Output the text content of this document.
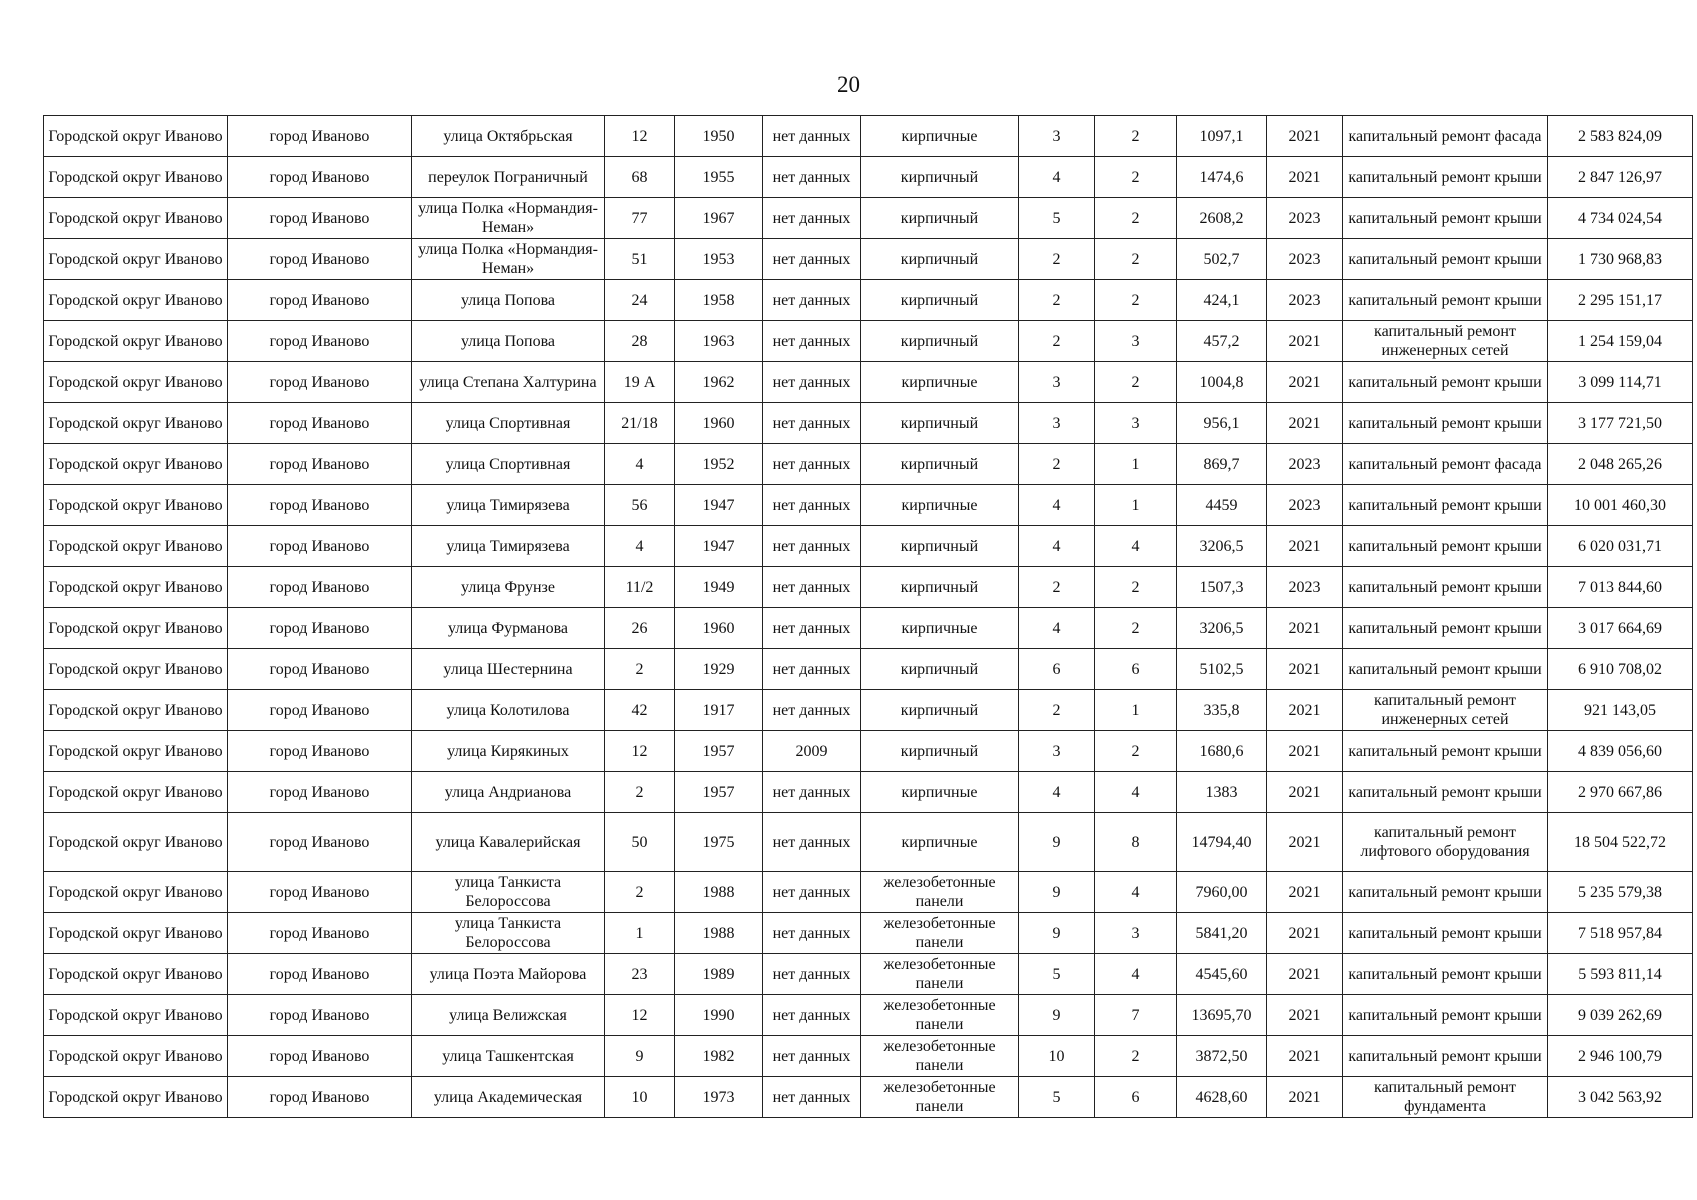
20
Городской округ Иваново	город Иваново	улица Октябрьская	12	1950	нет данных	кирпичные	3	2	1097,1	2021	капитальный ремонт фасада	2 583 824,09
Городской округ Иваново	город Иваново	переулок Пограничный	68	1955	нет данных	кирпичный	4	2	1474,6	2021	капитальный ремонт крыши	2 847 126,97
Городской округ Иваново	город Иваново	улица Полка «Нормандия-Неман»	77	1967	нет данных	кирпичный	5	2	2608,2	2023	капитальный ремонт крыши	4 734 024,54
Городской округ Иваново	город Иваново	улица Полка «Нормандия-Неман»	51	1953	нет данных	кирпичный	2	2	502,7	2023	капитальный ремонт крыши	1 730 968,83
Городской округ Иваново	город Иваново	улица Попова	24	1958	нет данных	кирпичный	2	2	424,1	2023	капитальный ремонт крыши	2 295 151,17
Городской округ Иваново	город Иваново	улица Попова	28	1963	нет данных	кирпичный	2	3	457,2	2021	капитальный ремонт инженерных сетей	1 254 159,04
Городской округ Иваново	город Иваново	улица Степана Халтурина	19 А	1962	нет данных	кирпичные	3	2	1004,8	2021	капитальный ремонт крыши	3 099 114,71
Городской округ Иваново	город Иваново	улица Спортивная	21/18	1960	нет данных	кирпичный	3	3	956,1	2021	капитальный ремонт крыши	3 177 721,50
Городской округ Иваново	город Иваново	улица Спортивная	4	1952	нет данных	кирпичный	2	1	869,7	2023	капитальный ремонт фасада	2 048 265,26
Городской округ Иваново	город Иваново	улица Тимирязева	56	1947	нет данных	кирпичные	4	1	4459	2023	капитальный ремонт крыши	10 001 460,30
Городской округ Иваново	город Иваново	улица Тимирязева	4	1947	нет данных	кирпичный	4	4	3206,5	2021	капитальный ремонт крыши	6 020 031,71
Городской округ Иваново	город Иваново	улица Фрунзе	11/2	1949	нет данных	кирпичный	2	2	1507,3	2023	капитальный ремонт крыши	7 013 844,60
Городской округ Иваново	город Иваново	улица Фурманова	26	1960	нет данных	кирпичные	4	2	3206,5	2021	капитальный ремонт крыши	3 017 664,69
Городской округ Иваново	город Иваново	улица Шестернина	2	1929	нет данных	кирпичный	6	6	5102,5	2021	капитальный ремонт крыши	6 910 708,02
Городской округ Иваново	город Иваново	улица Колотилова	42	1917	нет данных	кирпичный	2	1	335,8	2021	капитальный ремонт инженерных сетей	921 143,05
Городской округ Иваново	город Иваново	улица Кирякиных	12	1957	2009	кирпичный	3	2	1680,6	2021	капитальный ремонт крыши	4 839 056,60
Городской округ Иваново	город Иваново	улица Андрианова	2	1957	нет данных	кирпичные	4	4	1383	2021	капитальный ремонт крыши	2 970 667,86
Городской округ Иваново	город Иваново	улица Кавалерийская	50	1975	нет данных	кирпичные	9	8	14794,40	2021	капитальный ремонт лифтового оборудования	18 504 522,72
Городской округ Иваново	город Иваново	улица Танкиста Белороссова	2	1988	нет данных	железобетонные панели	9	4	7960,00	2021	капитальный ремонт крыши	5 235 579,38
Городской округ Иваново	город Иваново	улица Танкиста Белороссова	1	1988	нет данных	железобетонные панели	9	3	5841,20	2021	капитальный ремонт крыши	7 518 957,84
Городской округ Иваново	город Иваново	улица Поэта Майорова	23	1989	нет данных	железобетонные панели	5	4	4545,60	2021	капитальный ремонт крыши	5 593 811,14
Городской округ Иваново	город Иваново	улица Велижская	12	1990	нет данных	железобетонные панели	9	7	13695,70	2021	капитальный ремонт крыши	9 039 262,69
Городской округ Иваново	город Иваново	улица Ташкентская	9	1982	нет данных	железобетонные панели	10	2	3872,50	2021	капитальный ремонт крыши	2 946 100,79
Городской округ Иваново	город Иваново	улица Академическая	10	1973	нет данных	железобетонные панели	5	6	4628,60	2021	капитальный ремонт фундамента	3 042 563,92
